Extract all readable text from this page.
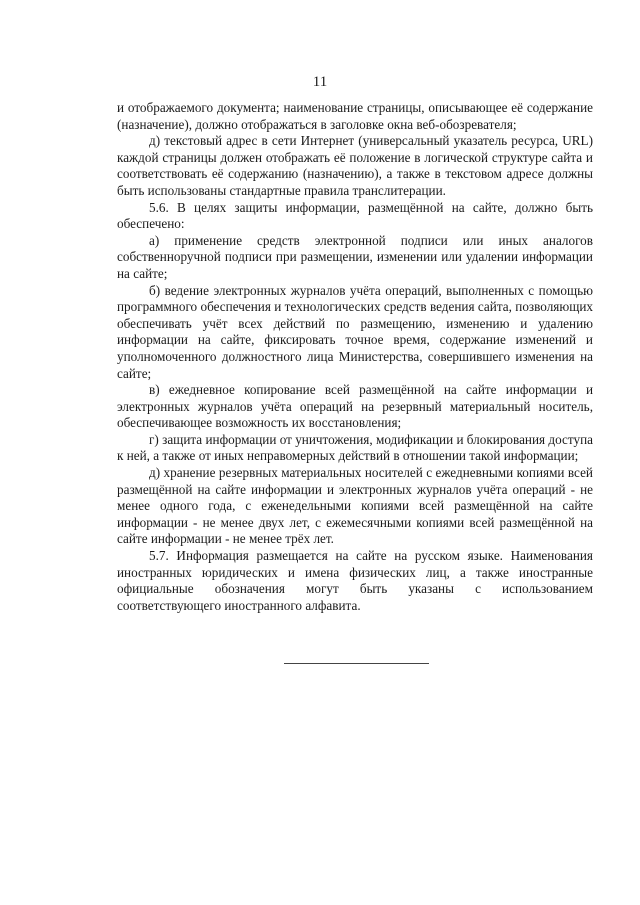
11

и отображаемого документа; наименование страницы, описывающее её содержание (назначение), должно отображаться в заголовке окна веб-обозревателя;

д) текстовый адрес в сети Интернет (универсальный указатель ресурса, URL) каждой страницы должен отображать её положение в логической структуре сайта и соответствовать её содержанию (назначению), а также в текстовом адресе должны быть использованы стандартные правила транслитерации.

5.6. В целях защиты информации, размещённой на сайте, должно быть обеспечено:

а) применение средств электронной подписи или иных аналогов собственноручной подписи при размещении, изменении или удалении информации на сайте;

б) ведение электронных журналов учёта операций, выполненных с помощью программного обеспечения и технологических средств ведения сайта, позволяющих обеспечивать учёт всех действий по размещению, изменению и удалению информации на сайте, фиксировать точное время, содержание изменений и уполномоченного должностного лица Министерства, совершившего изменения на сайте;

в) ежедневное копирование всей размещённой на сайте информации и электронных журналов учёта операций на резервный материальный носитель, обеспечивающее возможность их восстановления;

г) защита информации от уничтожения, модификации и блокирования доступа к ней, а также от иных неправомерных действий в отношении такой информации;

д) хранение резервных материальных носителей с ежедневными копиями всей размещённой на сайте информации и электронных журналов учёта операций - не менее одного года, с еженедельными копиями всей размещённой на сайте информации - не менее двух лет, с ежемесячными копиями всей размещённой на сайте информации - не менее трёх лет.

5.7. Информация размещается на сайте на русском языке. Наименования иностранных юридических и имена физических лиц, а также иностранные официальные обозначения могут быть указаны с использованием соответствующего иностранного алфавита.
